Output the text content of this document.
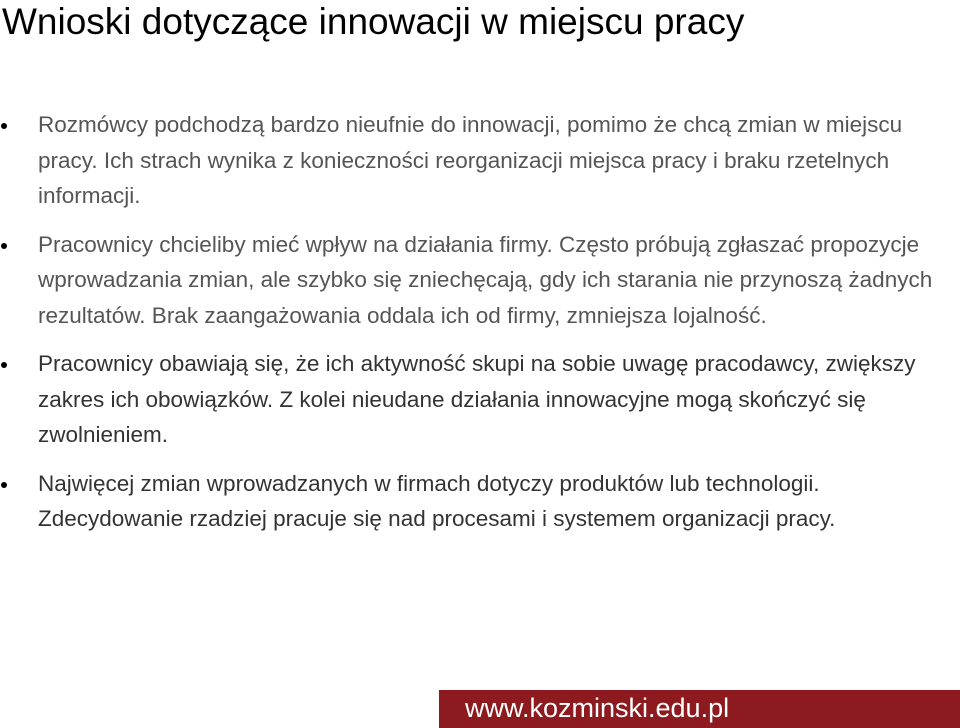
Wnioski dotyczące innowacji w miejscu pracy
Rozmówcy podchodzą bardzo nieufnie do innowacji, pomimo że chcą zmian w miejscu pracy. Ich strach wynika z konieczności reorganizacji miejsca pracy i braku rzetelnych informacji.
Pracownicy chcieliby mieć wpływ na działania firmy. Często próbują zgłaszać propozycje wprowadzania zmian, ale szybko się zniechęcają, gdy ich starania nie przynoszą żadnych rezultatów. Brak zaangażowania oddala ich od firmy, zmniejsza lojalność.
Pracownicy obawiają się, że ich aktywność skupi na sobie uwagę pracodawcy, zwiększy zakres ich obowiązków. Z kolei nieudane działania innowacyjne mogą skończyć się zwolnieniem.
Najwięcej zmian wprowadzanych w firmach dotyczy produktów lub technologii. Zdecydowanie rzadziej pracuje się nad procesami i systemem organizacji pracy.
www.kozminski.edu.pl
